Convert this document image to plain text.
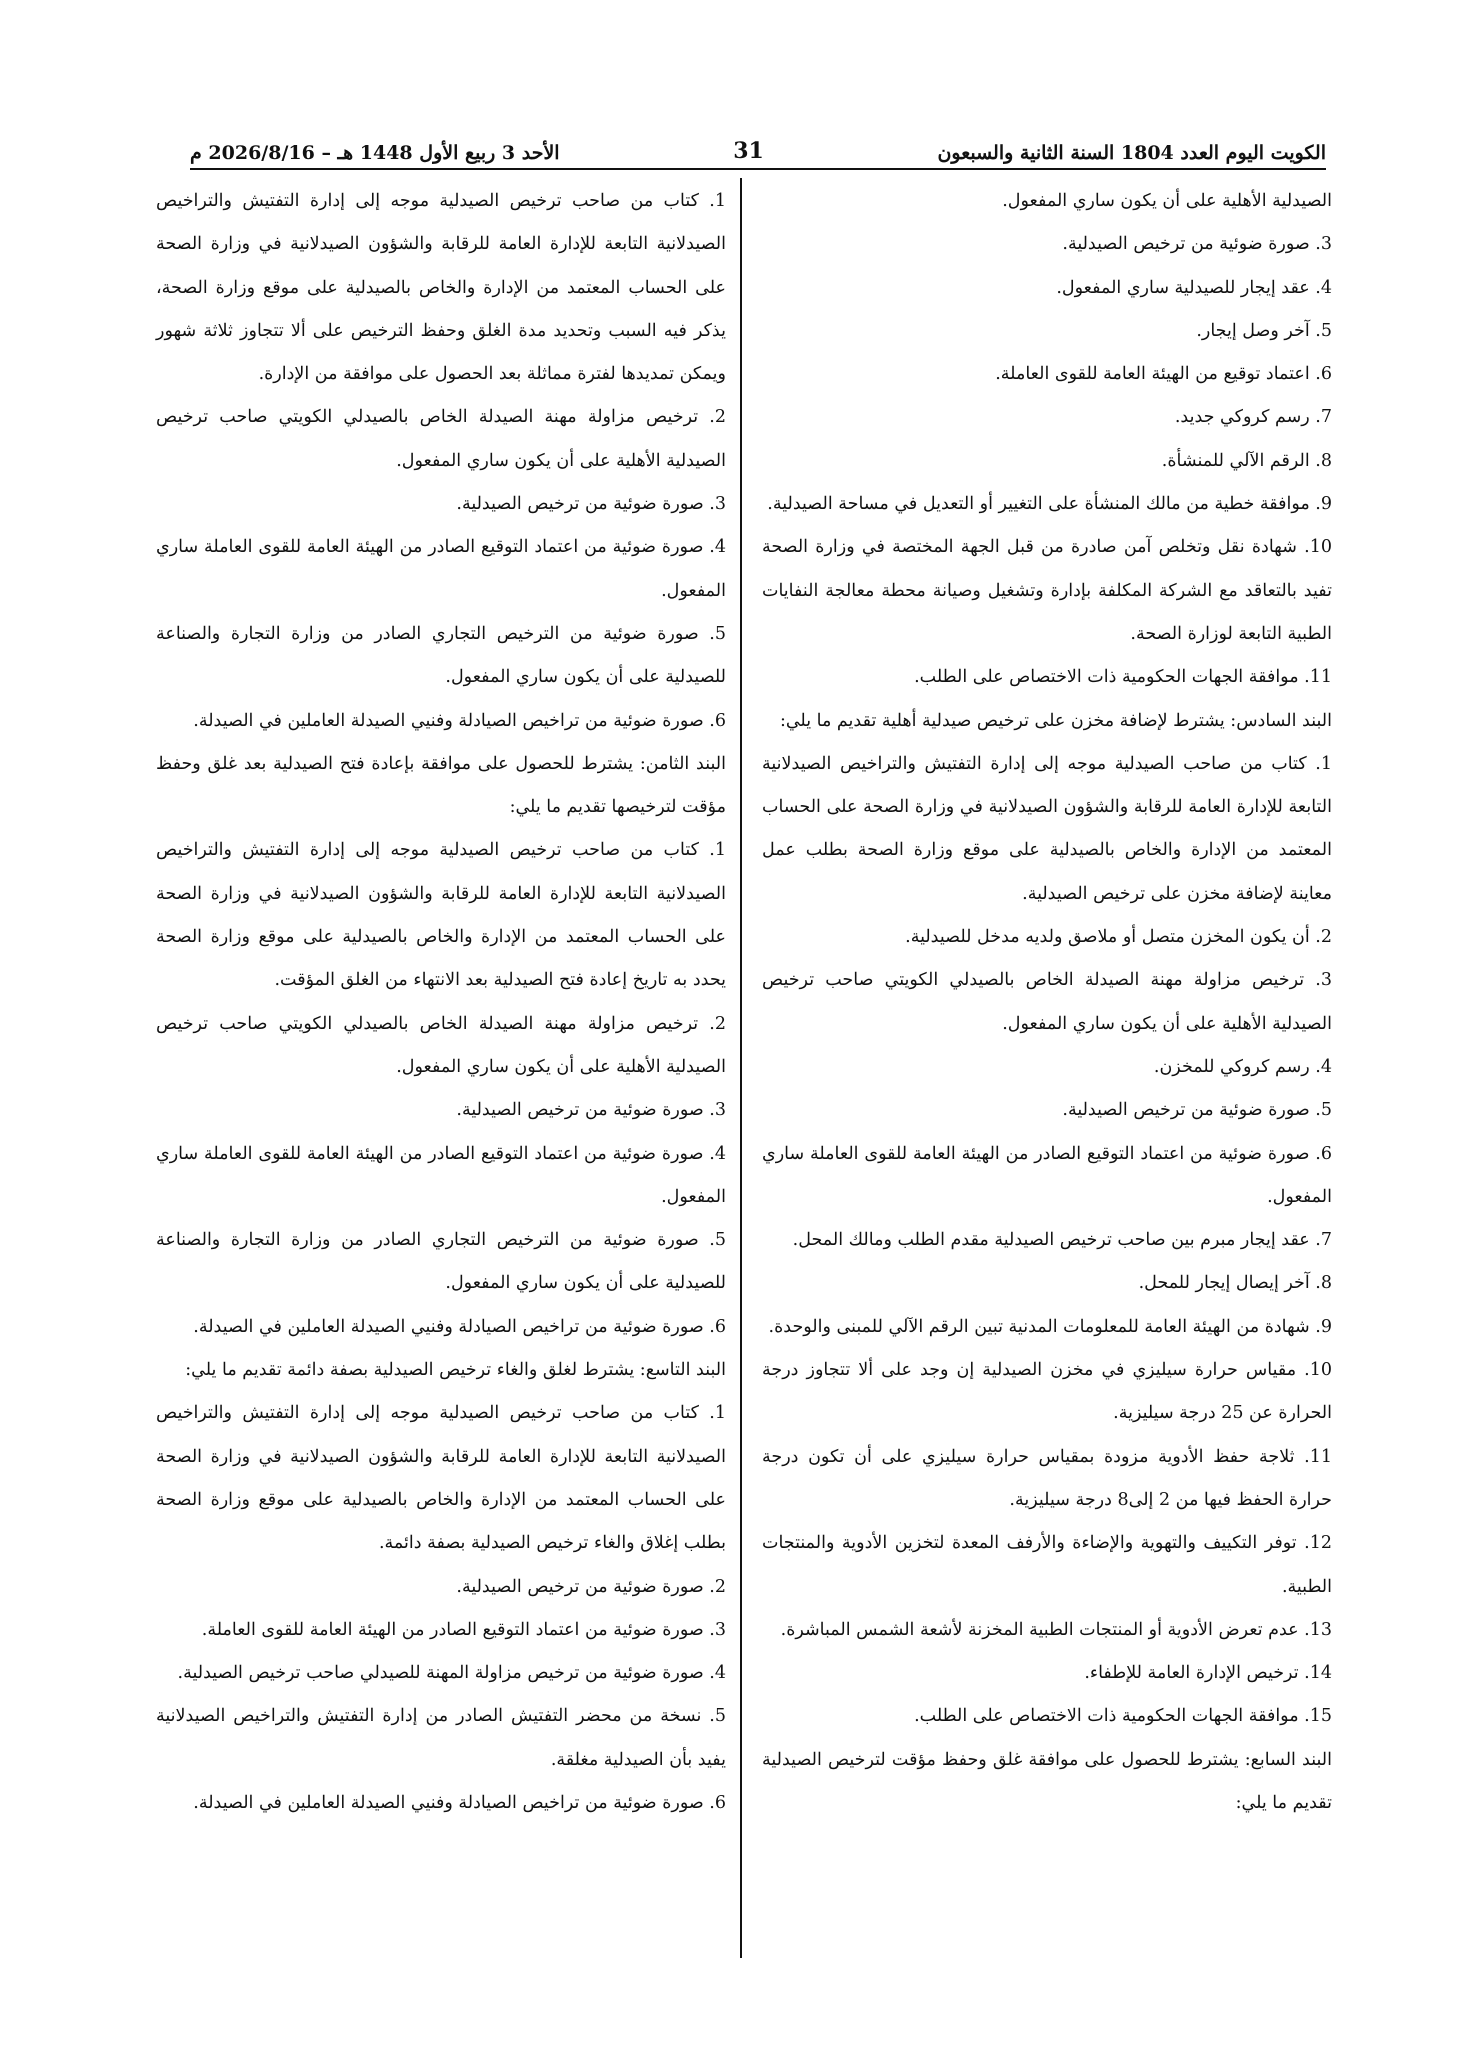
الكويت اليوم العدد 1804 السنة الثانية والسبعون
31
الأحد 3 ربيع الأول 1448 هـ – 2026/8/16 م

الصيدلية الأهلية على أن يكون ساري المفعول.

3. صورة ضوئية من ترخيص الصيدلية.

4. عقد إيجار للصيدلية ساري المفعول.

5. آخر وصل إيجار.

6. اعتماد توقيع من الهيئة العامة للقوى العاملة.

7. رسم كروكي جديد.

8. الرقم الآلي للمنشأة.

9. موافقة خطية من مالك المنشأة على التغيير أو التعديل في مساحة الصيدلية.

10. شهادة نقل وتخلص آمن صادرة من قبل الجهة المختصة في وزارة الصحة تفيد بالتعاقد مع الشركة المكلفة بإدارة وتشغيل وصيانة محطة معالجة النفايات الطبية التابعة لوزارة الصحة.

11. موافقة الجهات الحكومية ذات الاختصاص على الطلب.

البند السادس: يشترط لإضافة مخزن على ترخيص صيدلية أهلية تقديم ما يلي:

1. كتاب من صاحب الصيدلية موجه إلى إدارة التفتيش والتراخيص الصيدلانية التابعة للإدارة العامة للرقابة والشؤون الصيدلانية في وزارة الصحة على الحساب المعتمد من الإدارة والخاص بالصيدلية على موقع وزارة الصحة بطلب عمل معاينة لإضافة مخزن على ترخيص الصيدلية.

2. أن يكون المخزن متصل أو ملاصق ولديه مدخل للصيدلية.

3. ترخيص مزاولة مهنة الصيدلة الخاص بالصيدلي الكويتي صاحب ترخيص الصيدلية الأهلية على أن يكون ساري المفعول.

4. رسم كروكي للمخزن.

5. صورة ضوئية من ترخيص الصيدلية.

6. صورة ضوئية من اعتماد التوقيع الصادر من الهيئة العامة للقوى العاملة ساري المفعول.

7. عقد إيجار مبرم بين صاحب ترخيص الصيدلية مقدم الطلب ومالك المحل.

8. آخر إيصال إيجار للمحل.

9. شهادة من الهيئة العامة للمعلومات المدنية تبين الرقم الآلي للمبنى والوحدة.

10. مقياس حرارة سيليزي في مخزن الصيدلية إن وجد على ألا تتجاوز درجة الحرارة عن 25 درجة سيليزية.

11. ثلاجة حفظ الأدوية مزودة بمقياس حرارة سيليزي على أن تكون درجة حرارة الحفظ فيها من 2 إلى8 درجة سيليزية.

12. توفر التكييف والتهوية والإضاءة والأرفف المعدة لتخزين الأدوية والمنتجات الطبية.

13. عدم تعرض الأدوية أو المنتجات الطبية المخزنة لأشعة الشمس المباشرة.

14. ترخيص الإدارة العامة للإطفاء.

15. موافقة الجهات الحكومية ذات الاختصاص على الطلب.

البند السابع: يشترط للحصول على موافقة غلق وحفظ مؤقت لترخيص الصيدلية تقديم ما يلي:

1. كتاب من صاحب ترخيص الصيدلية موجه إلى إدارة التفتيش والتراخيص الصيدلانية التابعة للإدارة العامة للرقابة والشؤون الصيدلانية في وزارة الصحة على الحساب المعتمد من الإدارة والخاص بالصيدلية على موقع وزارة الصحة، يذكر فيه السبب وتحديد مدة الغلق وحفظ الترخيص على ألا تتجاوز ثلاثة شهور ويمكن تمديدها لفترة مماثلة بعد الحصول على موافقة من الإدارة.

2. ترخيص مزاولة مهنة الصيدلة الخاص بالصيدلي الكويتي صاحب ترخيص الصيدلية الأهلية على أن يكون ساري المفعول.

3. صورة ضوئية من ترخيص الصيدلية.

4. صورة ضوئية من اعتماد التوقيع الصادر من الهيئة العامة للقوى العاملة ساري المفعول.

5. صورة ضوئية من الترخيص التجاري الصادر من وزارة التجارة والصناعة للصيدلية على أن يكون ساري المفعول.

6. صورة ضوئية من تراخيص الصيادلة وفنيي الصيدلة العاملين في الصيدلة.

البند الثامن: يشترط للحصول على موافقة بإعادة فتح الصيدلية بعد غلق وحفظ مؤقت لترخيصها تقديم ما يلي:

1. كتاب من صاحب ترخيص الصيدلية موجه إلى إدارة التفتيش والتراخيص الصيدلانية التابعة للإدارة العامة للرقابة والشؤون الصيدلانية في وزارة الصحة على الحساب المعتمد من الإدارة والخاص بالصيدلية على موقع وزارة الصحة يحدد به تاريخ إعادة فتح الصيدلية بعد الانتهاء من الغلق المؤقت.

2. ترخيص مزاولة مهنة الصيدلة الخاص بالصيدلي الكويتي صاحب ترخيص الصيدلية الأهلية على أن يكون ساري المفعول.

3. صورة ضوئية من ترخيص الصيدلية.

4. صورة ضوئية من اعتماد التوقيع الصادر من الهيئة العامة للقوى العاملة ساري المفعول.

5. صورة ضوئية من الترخيص التجاري الصادر من وزارة التجارة والصناعة للصيدلية على أن يكون ساري المفعول.

6. صورة ضوئية من تراخيص الصيادلة وفنيي الصيدلة العاملين في الصيدلة.

البند التاسع: يشترط لغلق والغاء ترخيص الصيدلية بصفة دائمة تقديم ما يلي:

1. كتاب من صاحب ترخيص الصيدلية موجه إلى إدارة التفتيش والتراخيص الصيدلانية التابعة للإدارة العامة للرقابة والشؤون الصيدلانية في وزارة الصحة على الحساب المعتمد من الإدارة والخاص بالصيدلية على موقع وزارة الصحة بطلب إغلاق والغاء ترخيص الصيدلية بصفة دائمة.

2. صورة ضوئية من ترخيص الصيدلية.

3. صورة ضوئية من اعتماد التوقيع الصادر من الهيئة العامة للقوى العاملة.

4. صورة ضوئية من ترخيص مزاولة المهنة للصيدلي صاحب ترخيص الصيدلية.

5. نسخة من محضر التفتيش الصادر من إدارة التفتيش والتراخيص الصيدلانية يفيد بأن الصيدلية مغلقة.

6. صورة ضوئية من تراخيص الصيادلة وفنيي الصيدلة العاملين في الصيدلة.
